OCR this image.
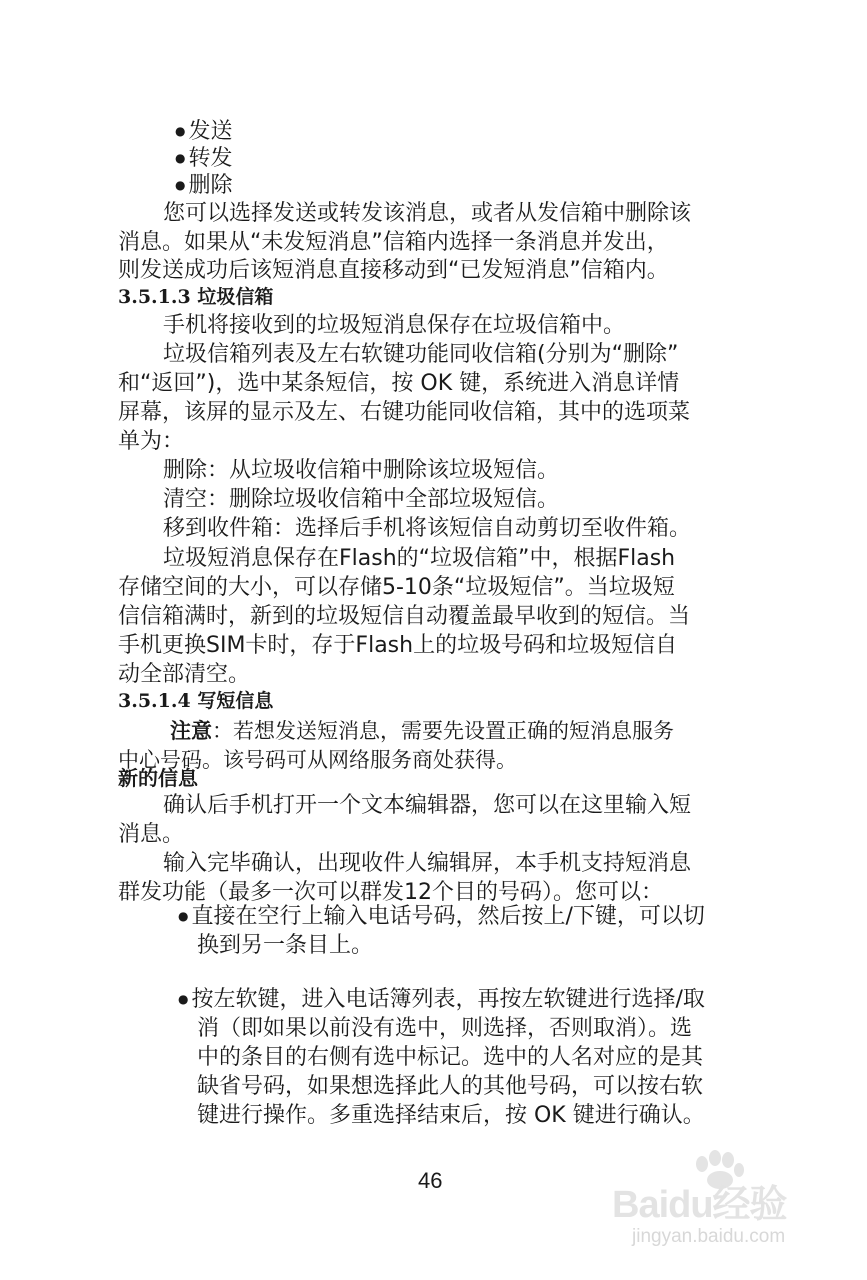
● 发送
● 转发
● 删除
您可以选择发送或转发该消息，或者从发信箱中删除该
消息。如果从“未发短消息”信箱内选择一条消息并发出，
则发送成功后该短消息直接移动到“已发短消息”信箱内。
3.5.1.3 垃圾信箱
手机将接收到的垃圾短消息保存在垃圾信箱中。
垃圾信箱列表及左右软键功能同收信箱(分别为“删除”
和“返回”)，选中某条短信，按 OK 键，系统进入消息详情
屏幕，该屏的显示及左、右键功能同收信箱，其中的选项菜
单为：
删除：从垃圾收信箱中删除该垃圾短信。
清空：删除垃圾收信箱中全部垃圾短信。
移到收件箱：选择后手机将该短信自动剪切至收件箱。
垃圾短消息保存在Flash的“垃圾信箱”中，根据Flash
存储空间的大小，可以存储5-10条“垃圾短信”。当垃圾短
信信箱满时，新到的垃圾短信自动覆盖最早收到的短信。当
手机更换SIM卡时，存于Flash上的垃圾号码和垃圾短信自
动全部清空。
3.5.1.4 写短信息
注意：若想发送短消息，需要先设置正确的短消息服务
中心号码。该号码可从网络服务商处获得。
新的信息
确认后手机打开一个文本编辑器，您可以在这里输入短
消息。
输入完毕确认，出现收件人编辑屏，本手机支持短消息
群发功能（最多一次可以群发12个目的号码）。您可以：
● 直接在空行上输入电话号码，然后按上/下键，可以切
换到另一条目上。
● 按左软键，进入电话簿列表，再按左软键进行选择/取
消（即如果以前没有选中，则选择，否则取消）。选
中的条目的右侧有选中标记。选中的人名对应的是其
缺省号码，如果想选择此人的其他号码，可以按右软
键进行操作。多重选择结束后，按 OK 键进行确认。
46
Baidu经验
jingyan.baidu.com
